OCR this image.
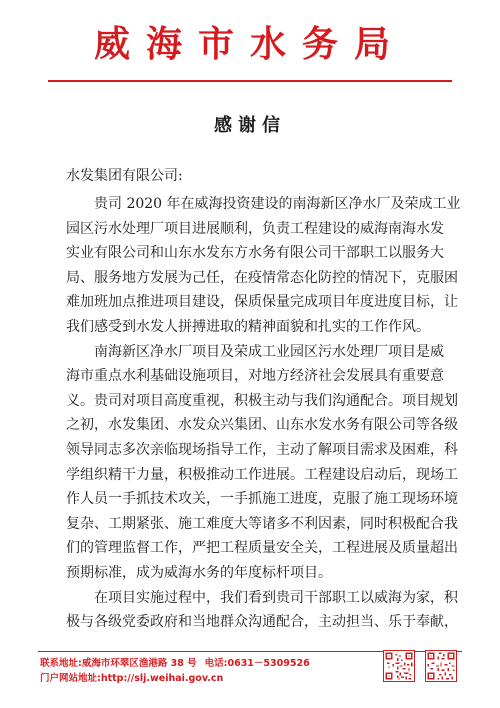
威海市水务局
感谢信
水发集团有限公司:
贵司 2020 年在威海投资建设的南海新区净水厂及荣成工业
园区污水处理厂项目进展顺利，负责工程建设的威海南海水发
实业有限公司和山东水发东方水务有限公司干部职工以服务大
局、服务地方发展为己任，在疫情常态化防控的情况下，克服困
难加班加点推进项目建设，保质保量完成项目年度进度目标，让
我们感受到水发人拼搏进取的精神面貌和扎实的工作作风。
南海新区净水厂项目及荣成工业园区污水处理厂项目是威
海市重点水利基础设施项目，对地方经济社会发展具有重要意
义。贵司对项目高度重视，积极主动与我们沟通配合。项目规划
之初，水发集团、水发众兴集团、山东水发水务有限公司等各级
领导同志多次亲临现场指导工作，主动了解项目需求及困难，科
学组织精干力量，积极推动工作进展。工程建设启动后，现场工
作人员一手抓技术攻关，一手抓施工进度，克服了施工现场环境
复杂、工期紧张、施工难度大等诸多不利因素，同时积极配合我
们的管理监督工作，严把工程质量安全关，工程进展及质量超出
预期标准，成为威海水务的年度标杆项目。
在项目实施过程中，我们看到贵司干部职工以威海为家，积
极与各级党委政府和当地群众沟通配合，主动担当、乐于奉献，
联系地址:威海市环翠区渔港路 38 号 电话:0631－5309526
门户网站地址:http://slj.weihai.gov.cn
